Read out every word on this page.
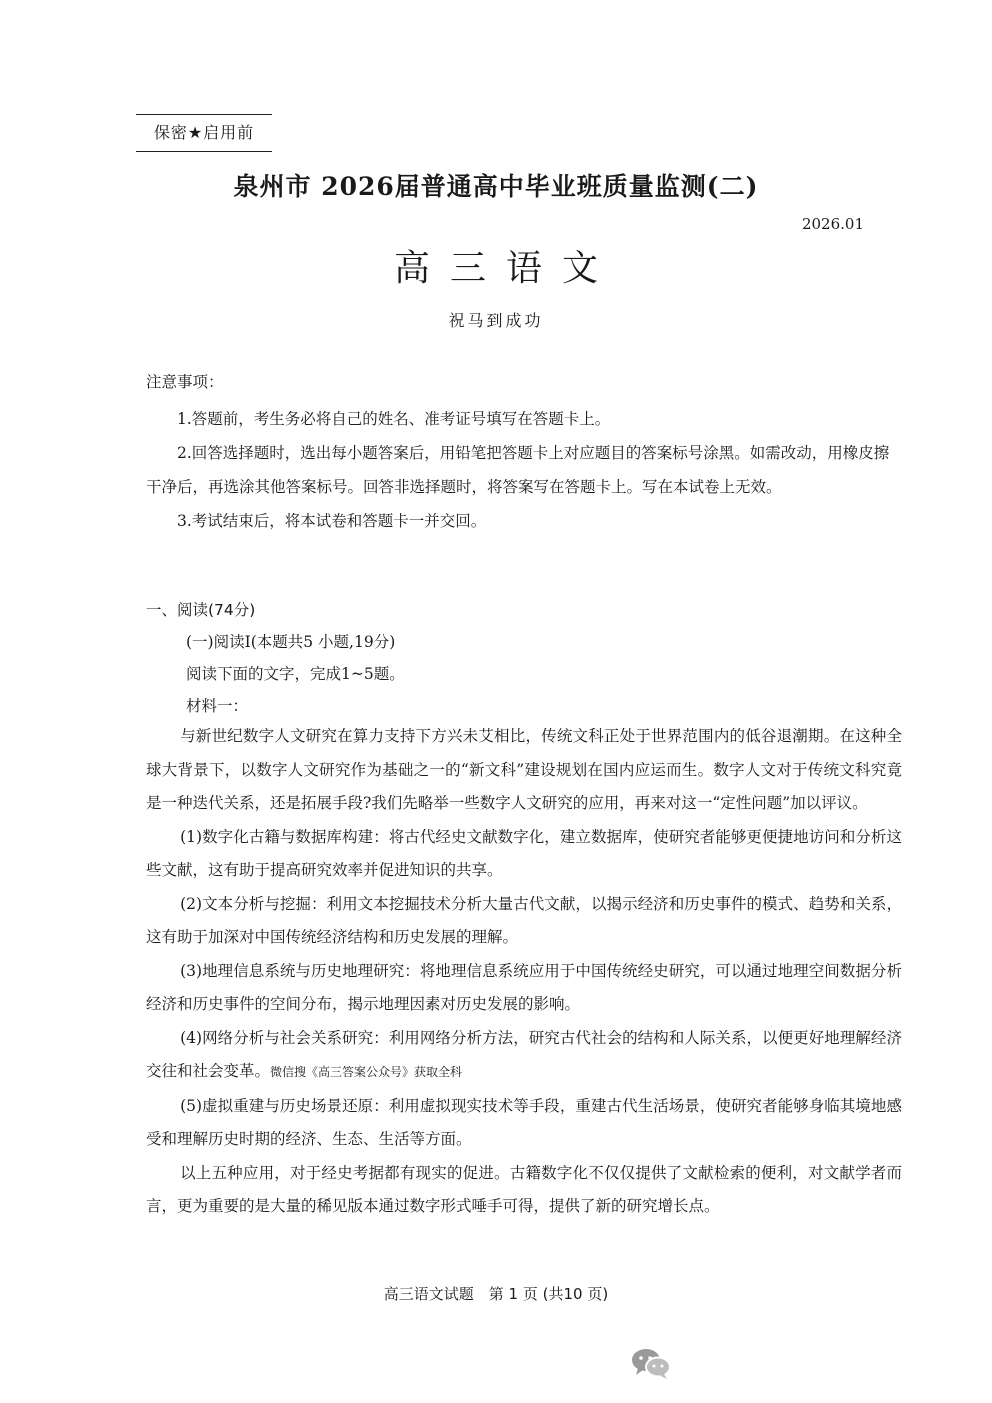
保密★启用前
泉州市 2026届普通高中毕业班质量监测(二)
2026.01
高三语文
祝马到成功
注意事项：

1.答题前，考生务必将自己的姓名、准考证号填写在答题卡上。

2.回答选择题时，选出每小题答案后，用铅笔把答题卡上对应题目的答案标号涂黑。如需改动，用橡皮擦干净后，再选涂其他答案标号。回答非选择题时，将答案写在答题卡上。写在本试卷上无效。

3.考试结束后，将本试卷和答题卡一并交回。

一、阅读(74分)
(一)阅读Ⅰ(本题共5 小题,19分)
阅读下面的文字，完成1~5题。
材料一：

与新世纪数字人文研究在算力支持下方兴未艾相比，传统文科正处于世界范围内的低谷退潮期。在这种全球大背景下，以数字人文研究作为基础之一的“新文科”建设规划在国内应运而生。数字人文对于传统文科究竟是一种迭代关系，还是拓展手段?我们先略举一些数字人文研究的应用，再来对这一“定性问题”加以评议。

(1)数字化古籍与数据库构建：将古代经史文献数字化，建立数据库，使研究者能够更便捷地访问和分析这些文献，这有助于提高研究效率并促进知识的共享。

(2)文本分析与挖掘：利用文本挖掘技术分析大量古代文献，以揭示经济和历史事件的模式、趋势和关系，这有助于加深对中国传统经济结构和历史发展的理解。

(3)地理信息系统与历史地理研究：将地理信息系统应用于中国传统经史研究，可以通过地理空间数据分析经济和历史事件的空间分布，揭示地理因素对历史发展的影响。

(4)网络分析与社会关系研究：利用网络分析方法，研究古代社会的结构和人际关系，以便更好地理解经济交往和社会变革。微信搜《高三答案公众号》获取全科

(5)虚拟重建与历史场景还原：利用虚拟现实技术等手段，重建古代生活场景，使研究者能够身临其境地感受和理解历史时期的经济、生态、生活等方面。

以上五种应用，对于经史考据都有现实的促进。古籍数字化不仅仅提供了文献检索的便利，对文献学者而言，更为重要的是大量的稀见版本通过数字形式唾手可得，提供了新的研究增长点。

高三语文试题　第 1 页 (共10 页)
